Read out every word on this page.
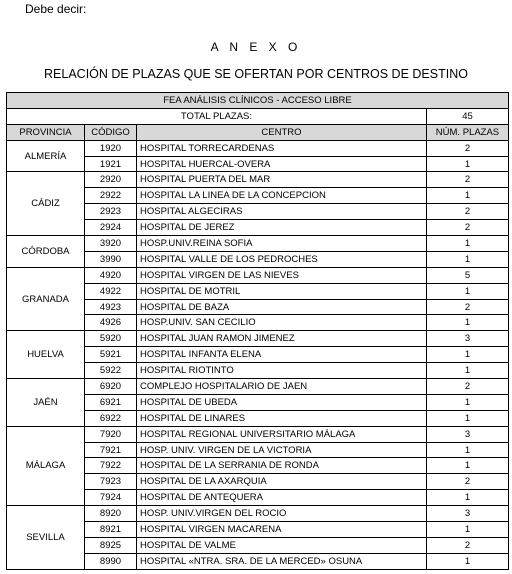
Debe decir:
A N E X O
RELACIÓN DE PLAZAS QUE SE OFERTAN POR CENTROS DE DESTINO
FEA ANÁLISIS CLÍNICOS - ACCESO LIBRE			
TOTAL PLAZAS:			45
PROVINCIA	CÓDIGO	CENTRO	NÚM. PLAZAS
ALMERÍA	1920	HOSPITAL TORRECARDENAS	2
	1921	HOSPITAL HUERCAL-OVERA	1
CÁDIZ	2920	HOSPITAL PUERTA DEL MAR	2
	2922	HOSPITAL LA LINEA DE LA CONCEPCION	1
	2923	HOSPITAL ALGECIRAS	2
	2924	HOSPITAL DE JEREZ	2
CÓRDOBA	3920	HOSP.UNIV.REINA SOFIA	1
	3990	HOSPITAL VALLE DE LOS PEDROCHES	1
GRANADA	4920	HOSPITAL VIRGEN DE LAS NIEVES	5
	4922	HOSPITAL DE MOTRIL	1
	4923	HOSPITAL DE BAZA	2
	4926	HOSP.UNIV. SAN CECILIO	1
HUELVA	5920	HOSPITAL JUAN RAMON JIMENEZ	3
	5921	HOSPITAL INFANTA ELENA	1
	5922	HOSPITAL RIOTINTO	1
JAÉN	6920	COMPLEJO HOSPITALARIO DE JAEN	2
	6921	HOSPITAL DE UBEDA	1
	6922	HOSPITAL DE LINARES	1
MÁLAGA	7920	HOSPITAL REGIONAL UNIVERSITARIO MÁLAGA	3
	7921	HOSP. UNIV. VIRGEN DE LA VICTORIA	1
	7922	HOSPITAL DE LA SERRANIA DE RONDA	1
	7923	HOSPITAL DE LA AXARQUIA	2
	7924	HOSPITAL DE ANTEQUERA	1
SEVILLA	8920	HOSP. UNIV.VIRGEN DEL ROCIO	3
	8921	HOSPITAL VIRGEN MACARENA	1
	8925	HOSPITAL DE VALME	2
	8990	HOSPITAL «NTRA. SRA. DE LA MERCED» OSUNA	1
